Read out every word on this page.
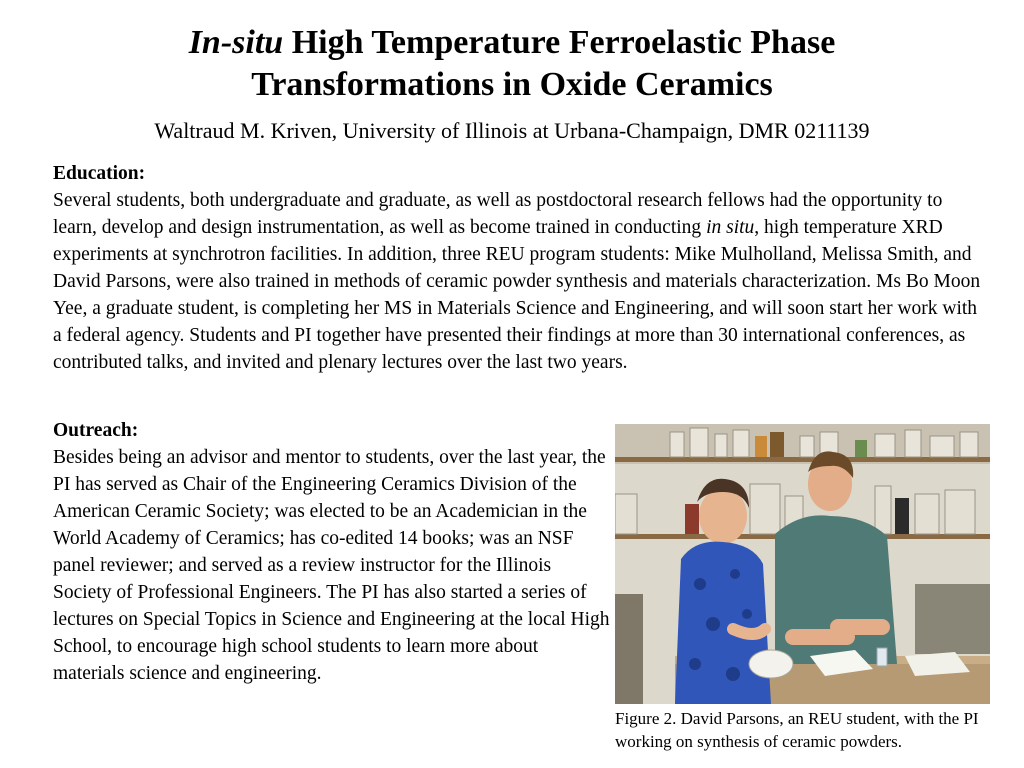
In-situ High Temperature Ferroelastic Phase
Transformations in Oxide Ceramics
Waltraud M. Kriven, University of Illinois at Urbana-Champaign, DMR 0211139
Education:
Several students, both undergraduate and graduate, as well as postdoctoral research fellows had the opportunity to learn, develop and design instrumentation, as well as become trained in conducting in situ, high temperature XRD experiments at synchrotron facilities. In addition, three REU program students: Mike Mulholland, Melissa Smith, and David Parsons, were also trained in methods of ceramic powder synthesis and materials characterization. Ms Bo Moon Yee, a graduate student, is completing her MS in Materials Science and Engineering, and will soon start her work with a federal agency. Students and PI together have presented their findings at more than 30 international conferences, as contributed talks, and invited and plenary lectures over the last two years.
Outreach:
Besides being an advisor and mentor to students, over the last year, the PI has served as Chair of the Engineering Ceramics Division of the American Ceramic Society; was elected to be an Academician in the World Academy of Ceramics; has co-edited 14 books; was an NSF panel reviewer; and served as a review instructor for the Illinois Society of Professional Engineers. The PI has also started a series of lectures on Special Topics in Science and Engineering at the local High School, to encourage high school students to learn more about materials science and engineering.
Figure 2. David Parsons, an REU student, with the PI working on synthesis of ceramic powders.
